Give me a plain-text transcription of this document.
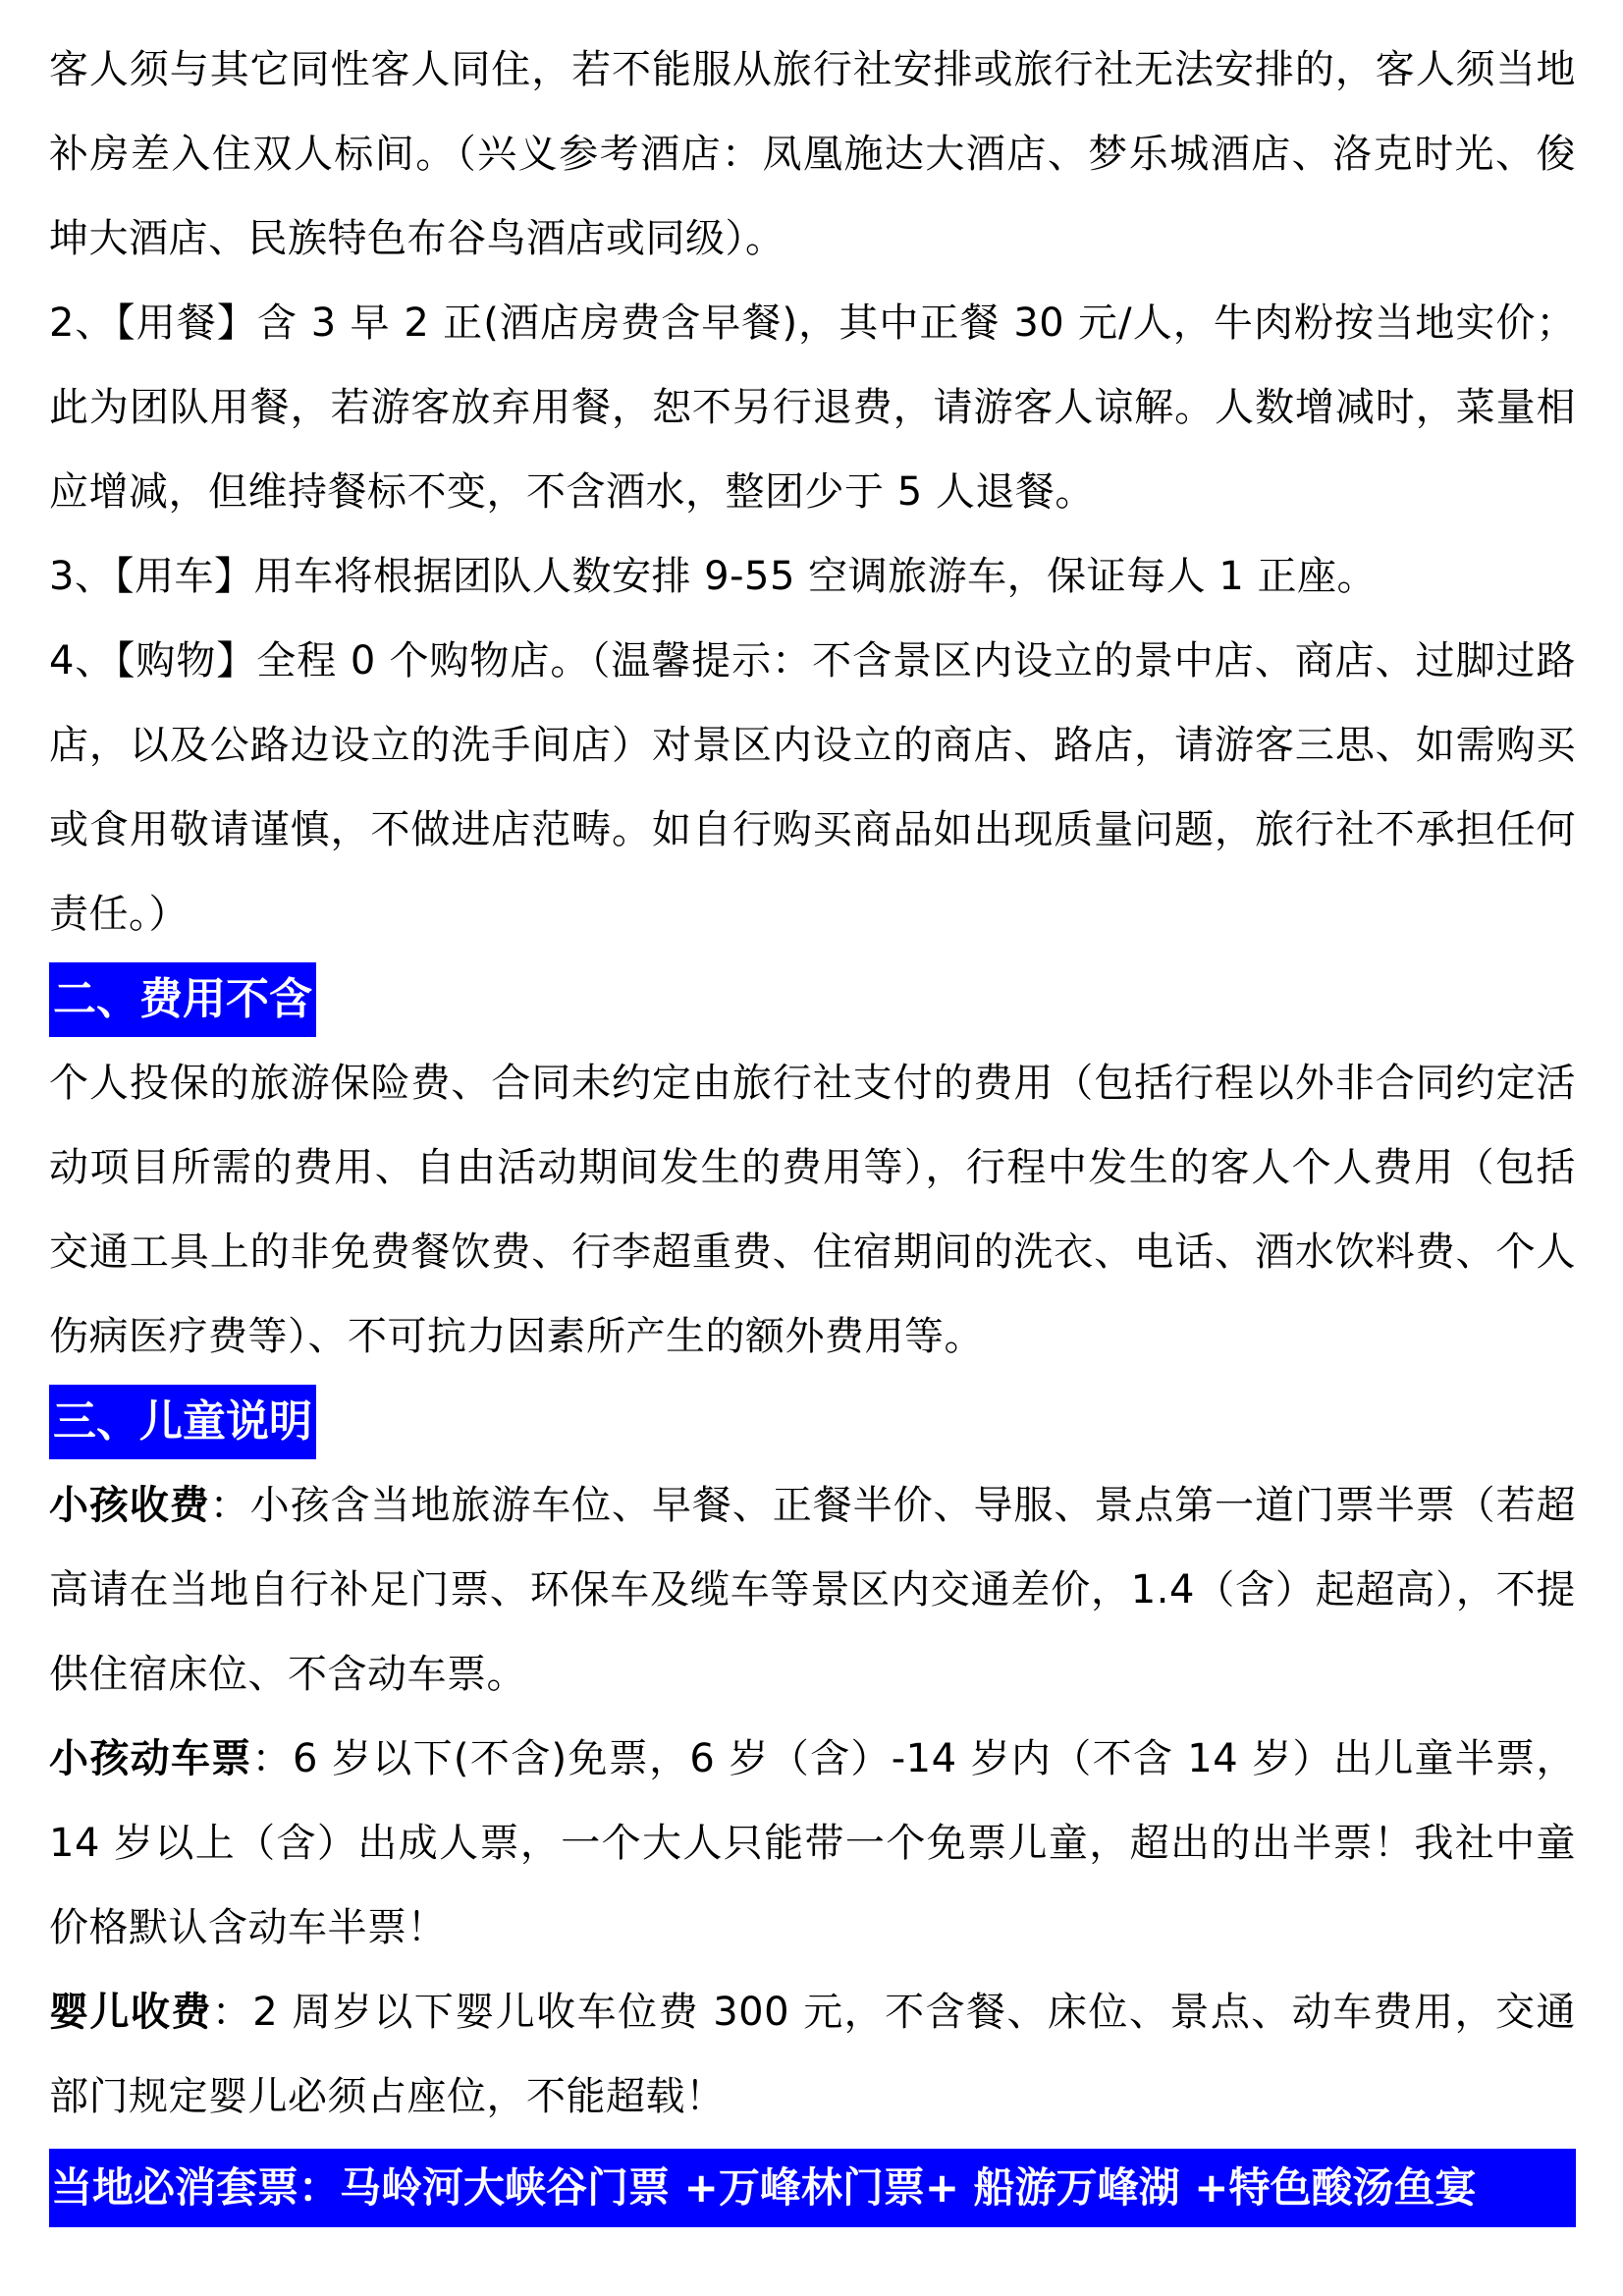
客人须与其它同性客人同住，若不能服从旅行社安排或旅行社无法安排的，客人须当地补房差入住双人标间。（兴义参考酒店：凤凰施达大酒店、梦乐城酒店、洛克时光、俊坤大酒店、民族特色布谷鸟酒店或同级）。

2、【用餐】含 3 早 2 正(酒店房费含早餐)，其中正餐 30 元/人，牛肉粉按当地实价；此为团队用餐，若游客放弃用餐，恕不另行退费，请游客人谅解。人数增减时，菜量相应增减，但维持餐标不变，不含酒水，整团少于 5 人退餐。

3、【用车】用车将根据团队人数安排 9-55 空调旅游车，保证每人 1 正座。

4、【购物】全程 0 个购物店。（温馨提示：不含景区内设立的景中店、商店、过脚过路店，以及公路边设立的洗手间店）对景区内设立的商店、路店，请游客三思、如需购买或食用敬请谨慎，不做进店范畴。如自行购买商品如出现质量问题，旅行社不承担任何责任。）

二、费用不含

个人投保的旅游保险费、合同未约定由旅行社支付的费用（包括行程以外非合同约定活动项目所需的费用、自由活动期间发生的费用等），行程中发生的客人个人费用（包括交通工具上的非免费餐饮费、行李超重费、住宿期间的洗衣、电话、酒水饮料费、个人伤病医疗费等）、不可抗力因素所产生的额外费用等。

三、儿童说明

小孩收费：小孩含当地旅游车位、早餐、正餐半价、导服、景点第一道门票半票（若超高请在当地自行补足门票、环保车及缆车等景区内交通差价，1.4（含）起超高），不提供住宿床位、不含动车票。

小孩动车票：6 岁以下(不含)免票，6 岁（含）-14 岁内（不含 14 岁）出儿童半票，14 岁以上（含）出成人票，一个大人只能带一个免票儿童，超出的出半票！我社中童价格默认含动车半票！

婴儿收费：2 周岁以下婴儿收车位费 300 元，不含餐、床位、景点、动车费用，交通部门规定婴儿必须占座位，不能超载！

当地必消套票：马岭河大峡谷门票 +万峰林门票+ 船游万峰湖 +特色酸汤鱼宴
